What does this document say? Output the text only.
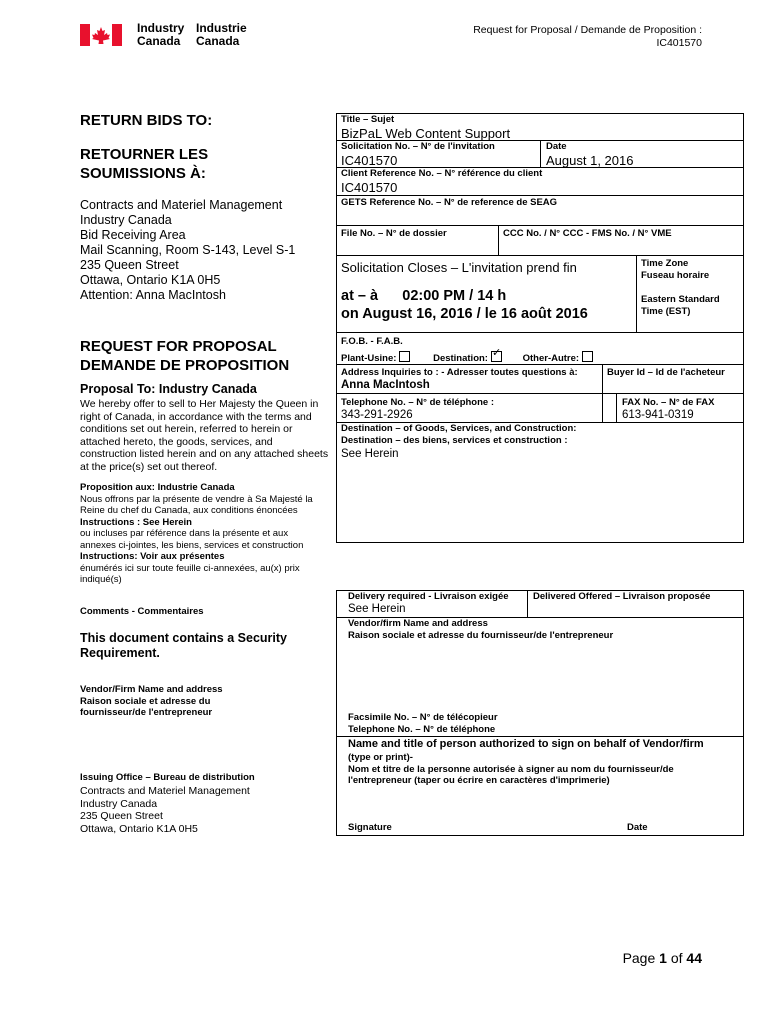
Industry
Canada
Industrie
Canada
Request for Proposal / Demande de Proposition :
IC401570
RETURN BIDS TO:
RETOURNER LES
SOUMISSIONS À:
Contracts and Materiel Management
Industry Canada
Bid Receiving Area
Mail Scanning, Room S-143, Level S-1
235 Queen Street
Ottawa, Ontario K1A 0H5
Attention: Anna MacIntosh
REQUEST FOR PROPOSAL
DEMANDE DE PROPOSITION
Proposal To: Industry Canada
We hereby offer to sell to Her Majesty the Queen in right of Canada, in accordance with the terms and conditions set out herein, referred to herein or attached hereto, the goods, services, and construction listed herein and on any attached sheets at the price(s) set out thereof.
Proposition aux: Industrie Canada
Nous offrons par la présente de vendre à Sa Majesté la Reine du chef du Canada, aux conditions énoncées
Instructions : See Herein
ou incluses par référence dans la présente et aux annexes ci-jointes, les biens, services et construction
Instructions: Voir aux présentes
énumérés ici sur toute feuille ci-annexées, au(x) prix indiqué(s)
Comments - Commentaires
This document contains a Security
Requirement.
Vendor/Firm Name and address
Raison sociale et adresse du
fournisseur/de l'entrepreneur
Issuing Office – Bureau de distribution
Contracts and Materiel Management
Industry Canada
235 Queen Street
Ottawa, Ontario K1A 0H5
Title – Sujet
BizPaL Web Content Support
Solicitation No. – N° de l'invitation
IC401570
Date
August 1, 2016
Client Reference No. – N° référence du client
IC401570
GETS Reference No. – N° de reference de SEAG
File No. – N° de dossier	CCC No. / N° CCC - FMS No. / N° VME
Solicitation Closes – L'invitation prend fin
at – à      02:00 PM / 14 h
on August 16, 2016 / le 16 août 2016
Time Zone
Fuseau horaire
Eastern Standard
Time (EST)
F.O.B. - F.A.B.
Plant-Usine:	Destination:✓	Other-Autre:
Address Inquiries to : - Adresser toutes questions à:
Anna MacIntosh
Buyer Id – Id de l'acheteur
Telephone No. – N° de téléphone :
343-291-2926
FAX No. – N° de FAX
613-941-0319
Destination – of Goods, Services, and Construction:
Destination – des biens, services et construction :
See Herein
Delivery required - Livraison exigée
See Herein
Delivered Offered – Livraison proposée
Vendor/firm Name and address
Raison sociale et adresse du fournisseur/de l'entrepreneur
Facsimile No. – N° de télécopieur
Telephone No. – N° de téléphone
Name and title of person authorized to sign on behalf of Vendor/firm
(type or print)-
Nom et titre de la personne autorisée à signer au nom du fournisseur/de l'entrepreneur (taper ou écrire en caractères d'imprimerie)
Signature	Date
Page 1 of 44
